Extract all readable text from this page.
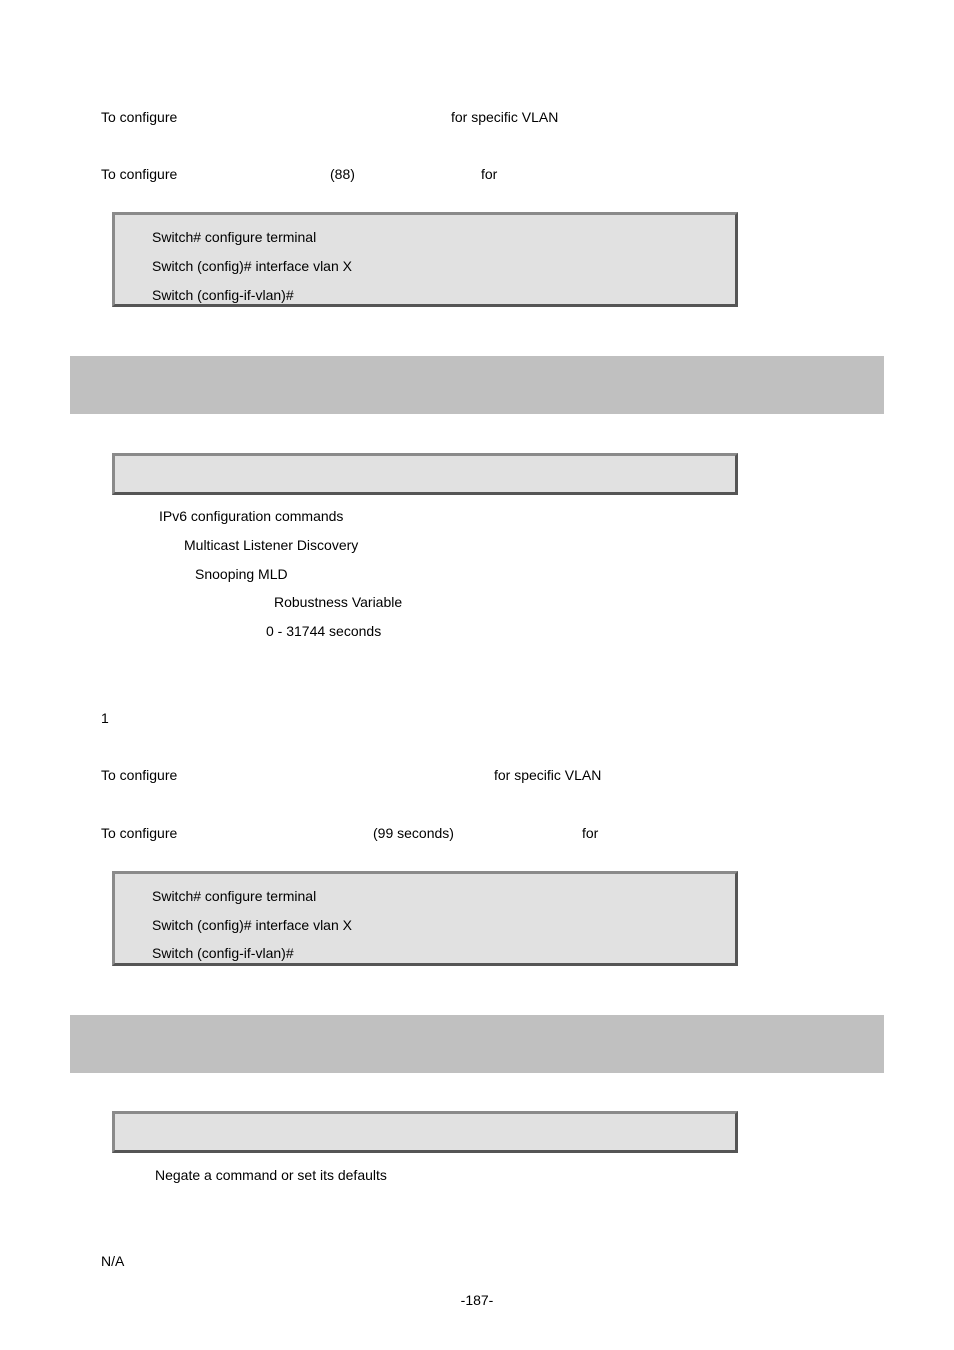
To configure	for specific VLAN
To configure	(88)	for
Switch# configure terminal
Switch (config)# interface vlan X
Switch (config-if-vlan)#
IPv6 configuration commands
Multicast Listener Discovery
Snooping MLD
Robustness Variable
0 - 31744 seconds
1
To configure	for specific VLAN
To configure	(99 seconds)	for
Switch# configure terminal
Switch (config)# interface vlan X
Switch (config-if-vlan)#
Negate a command or set its defaults
N/A
-187-
